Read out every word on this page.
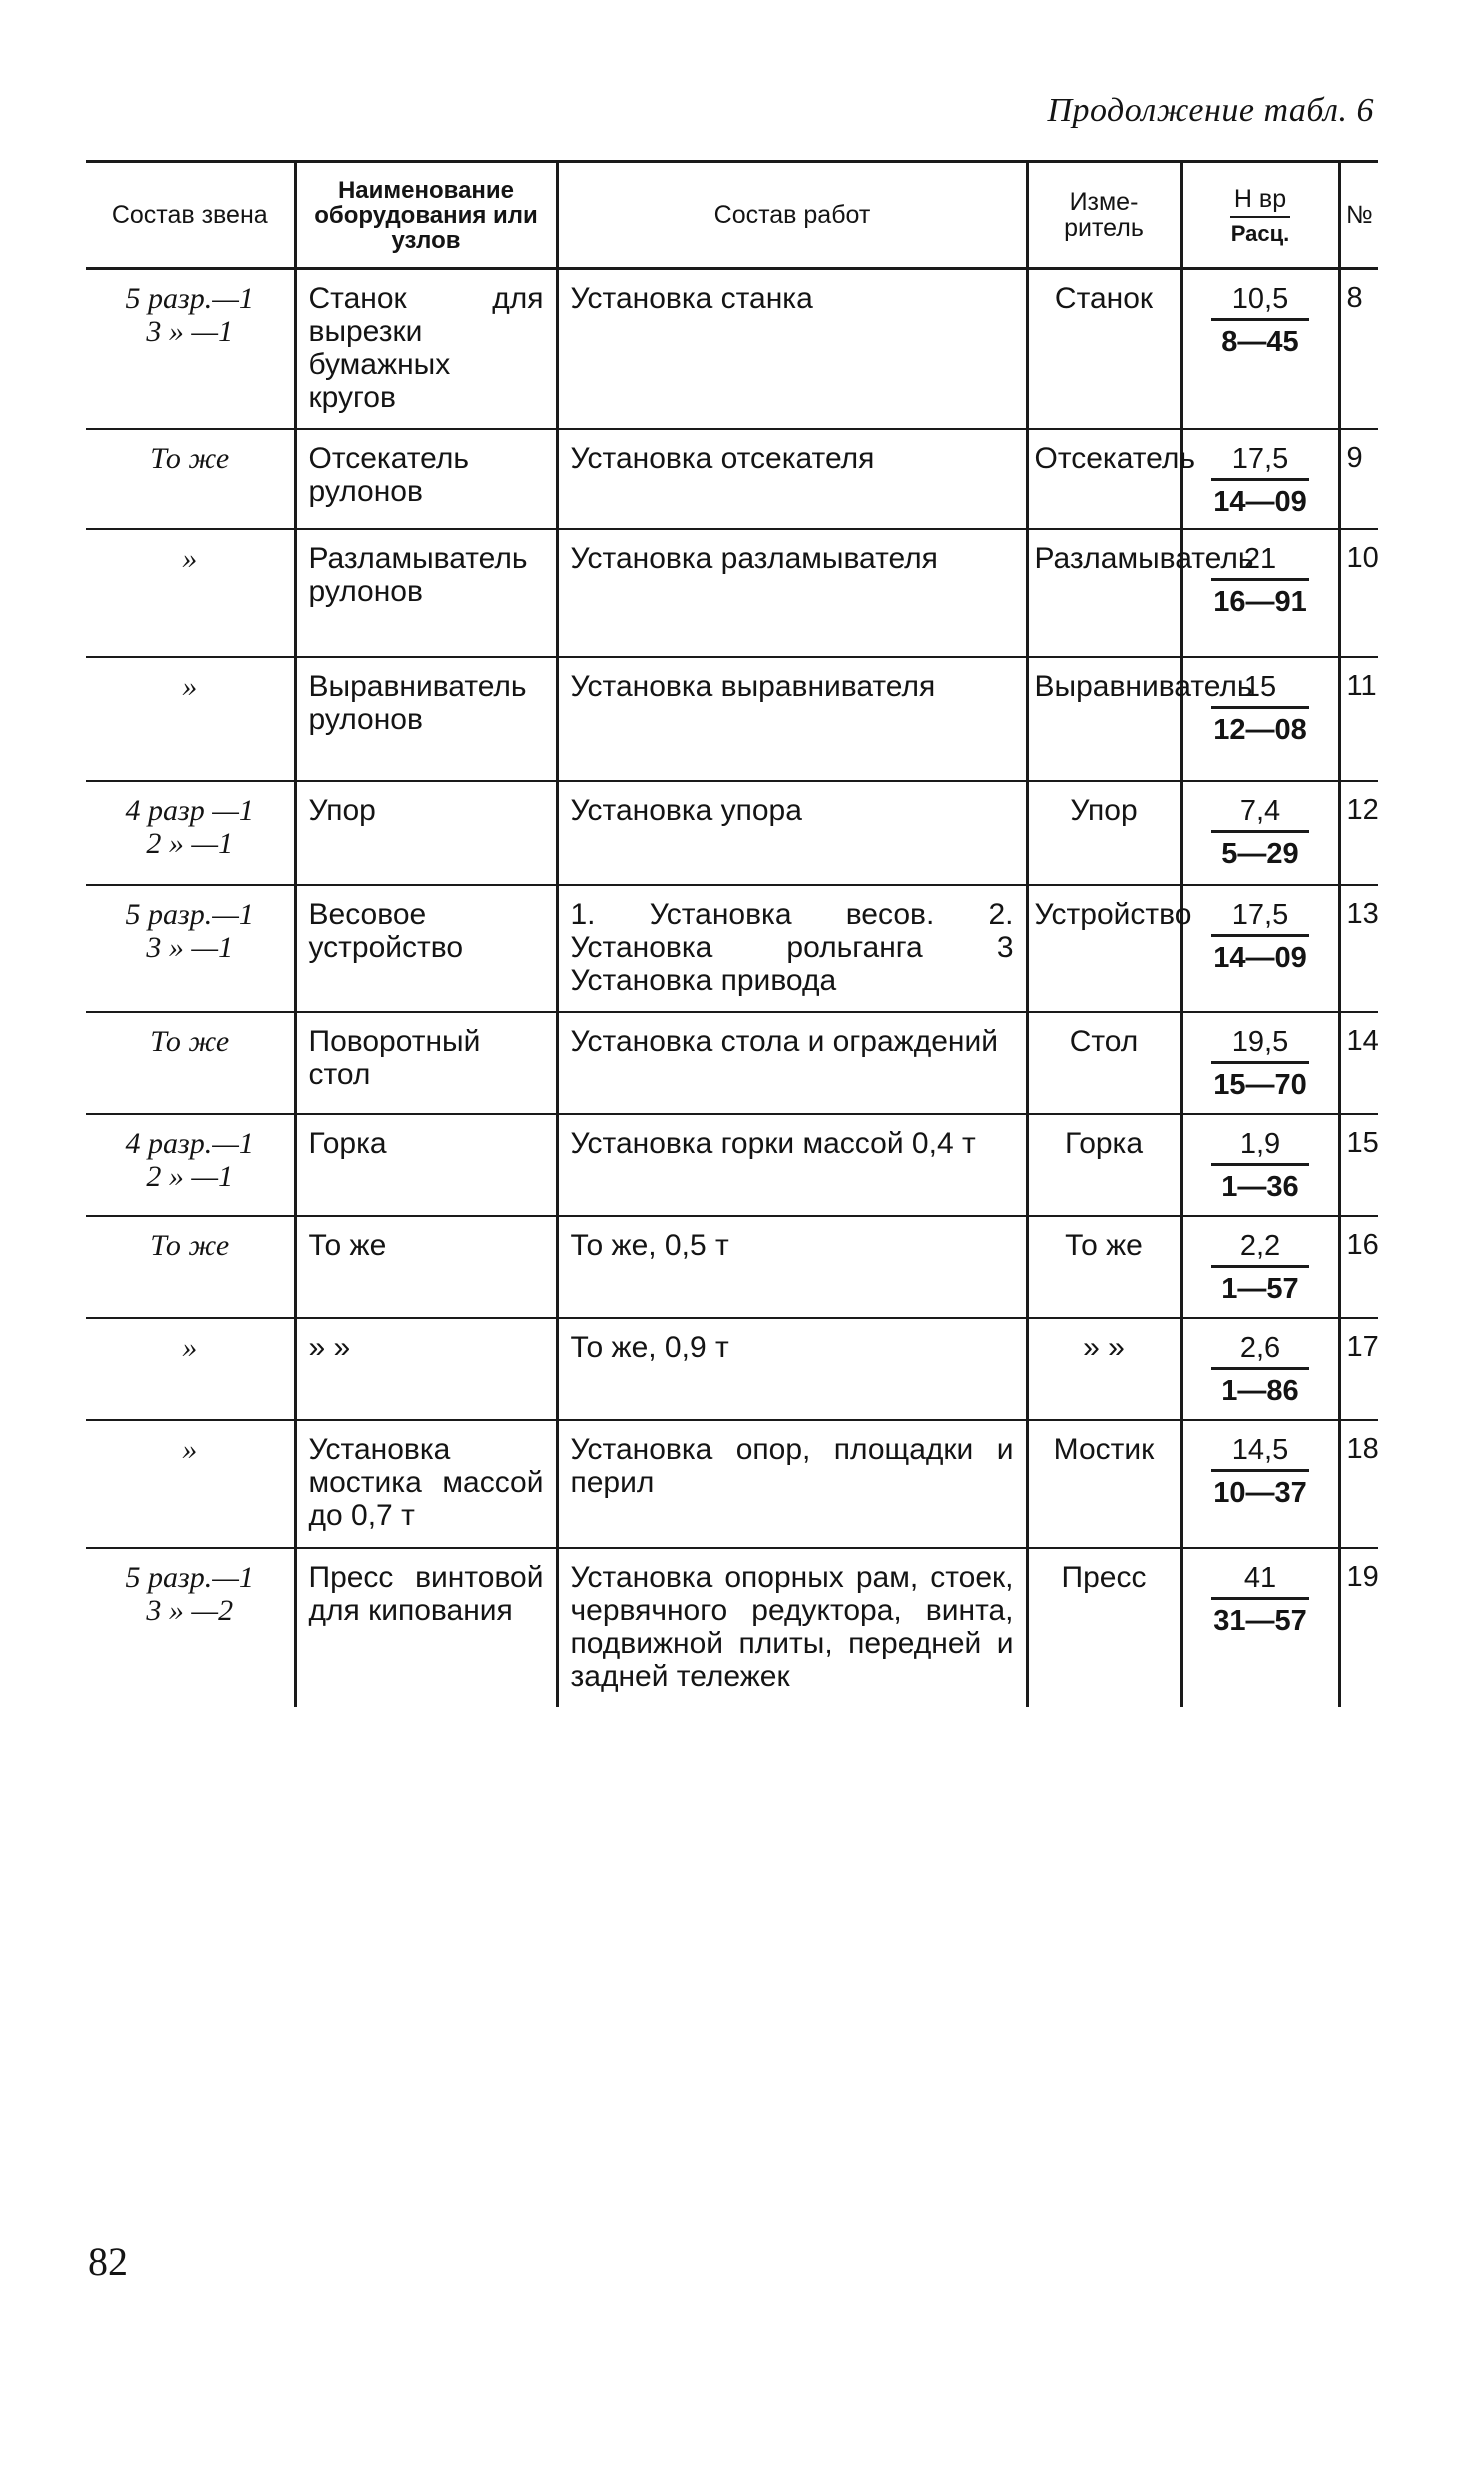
Продолжение табл. 6
Состав звена	Наименование оборудования или узлов	Состав работ	Изме-ритель	$\frac{\text{Н вр}}{\text{Расц.}}$	№

5 разр.—1
3 » —1	Станок для вырезки бумажных кругов	Установка станка	Станок	$\frac{10,5}{8—45}$	8

То же	Отсекатель рулонов	Установка отсекателя	Отсекатель	$\frac{17,5}{14—09}$	9

»	Разламыватель рулонов	Установка разламывателя	Разламыватель	$\frac{21}{16—91}$	10

»	Выравниватель рулонов	Установка выравнивателя	Выравниватель	$\frac{15}{12—08}$	11

4 разр —1
2 » —1	Упор	Установка упора	Упор	$\frac{7,4}{5—29}$	12

5 разр.—1
3 » —1	Весовое устройство	1. Установка весов. 2. Установка рольганга 3 Установка привода	Устройство	$\frac{17,5}{14—09}$	13

То же	Поворотный стол	Установка стола и ограждений	Стол	$\frac{19,5}{15—70}$	14

4 разр.—1
2 » —1	Горка	Установка горки массой 0,4 т	Горка	$\frac{1,9}{1—36}$	15

То же	То же	То же, 0,5 т	То же	$\frac{2,2}{1—57}$	16

»	» »	То же, 0,9 т	» »	$\frac{2,6}{1—86}$	17

»	Установка мостика массой до 0,7 т	Установка опор, площадки и перил	Мостик	$\frac{14,5}{10—37}$	18

5 разр.—1
3 » —2	Пресс винтовой для кипования	Установка опорных рам, стоек, червячного редуктора, винта, подвижной плиты, передней и задней тележек	Пресс	$\frac{41}{31—57}$	19
82
